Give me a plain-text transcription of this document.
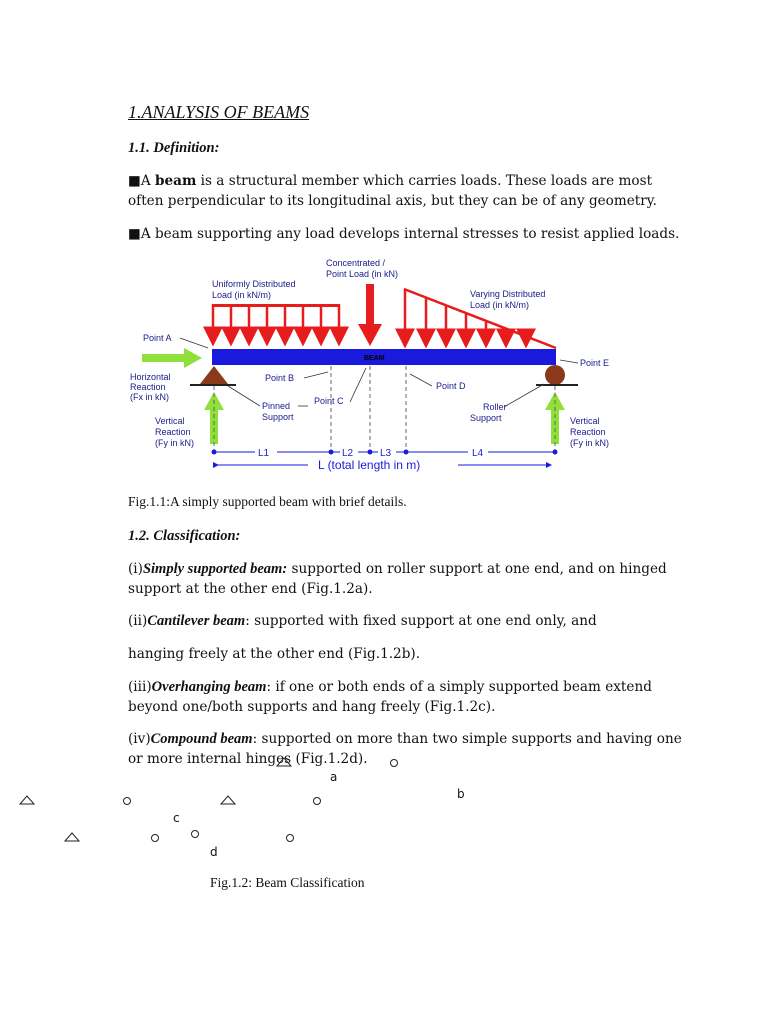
1.ANALYSIS OF BEAMS
1.1. Definition:
■A beam is a structural member which carries loads. These loads are most often perpendicular to its longitudinal axis, but they can be of any geometry.
■A beam supporting any load develops internal stresses to resist applied loads.
BEAM
L1	L2	L3	L4
L (total length in m)
Concentrated /
Point Load (in kN)
Uniformly Distributed
Load (in kN/m)	Varying Distributed
Load (in kN/m)
Point A
Point B
Point C
Point D
Point E
Horizontal
Reaction
(Fx in kN)
Pinned
Support
Roller
Support
Vertical
Reaction
(Fy in kN)
Vertical
Reaction
(Fy in kN)
Fig.1.1:A simply supported beam with brief details.
1.2. Classification:
(i)Simply supported beam: supported on roller support at one end, and on hinged support at the other end (Fig.1.2a).
(ii)Cantilever beam: supported with fixed support at one end only, and
hanging freely at the other end (Fig.1.2b).
(iii)Overhanging beam: if one or both ends of a simply supported beam extend beyond one/both supports and hang freely (Fig.1.2c).
(iv)Compound beam: supported on more than two simple supports and having one or more internal hinges (Fig.1.2d).
a
b
c
d
Fig.1.2: Beam Classification
